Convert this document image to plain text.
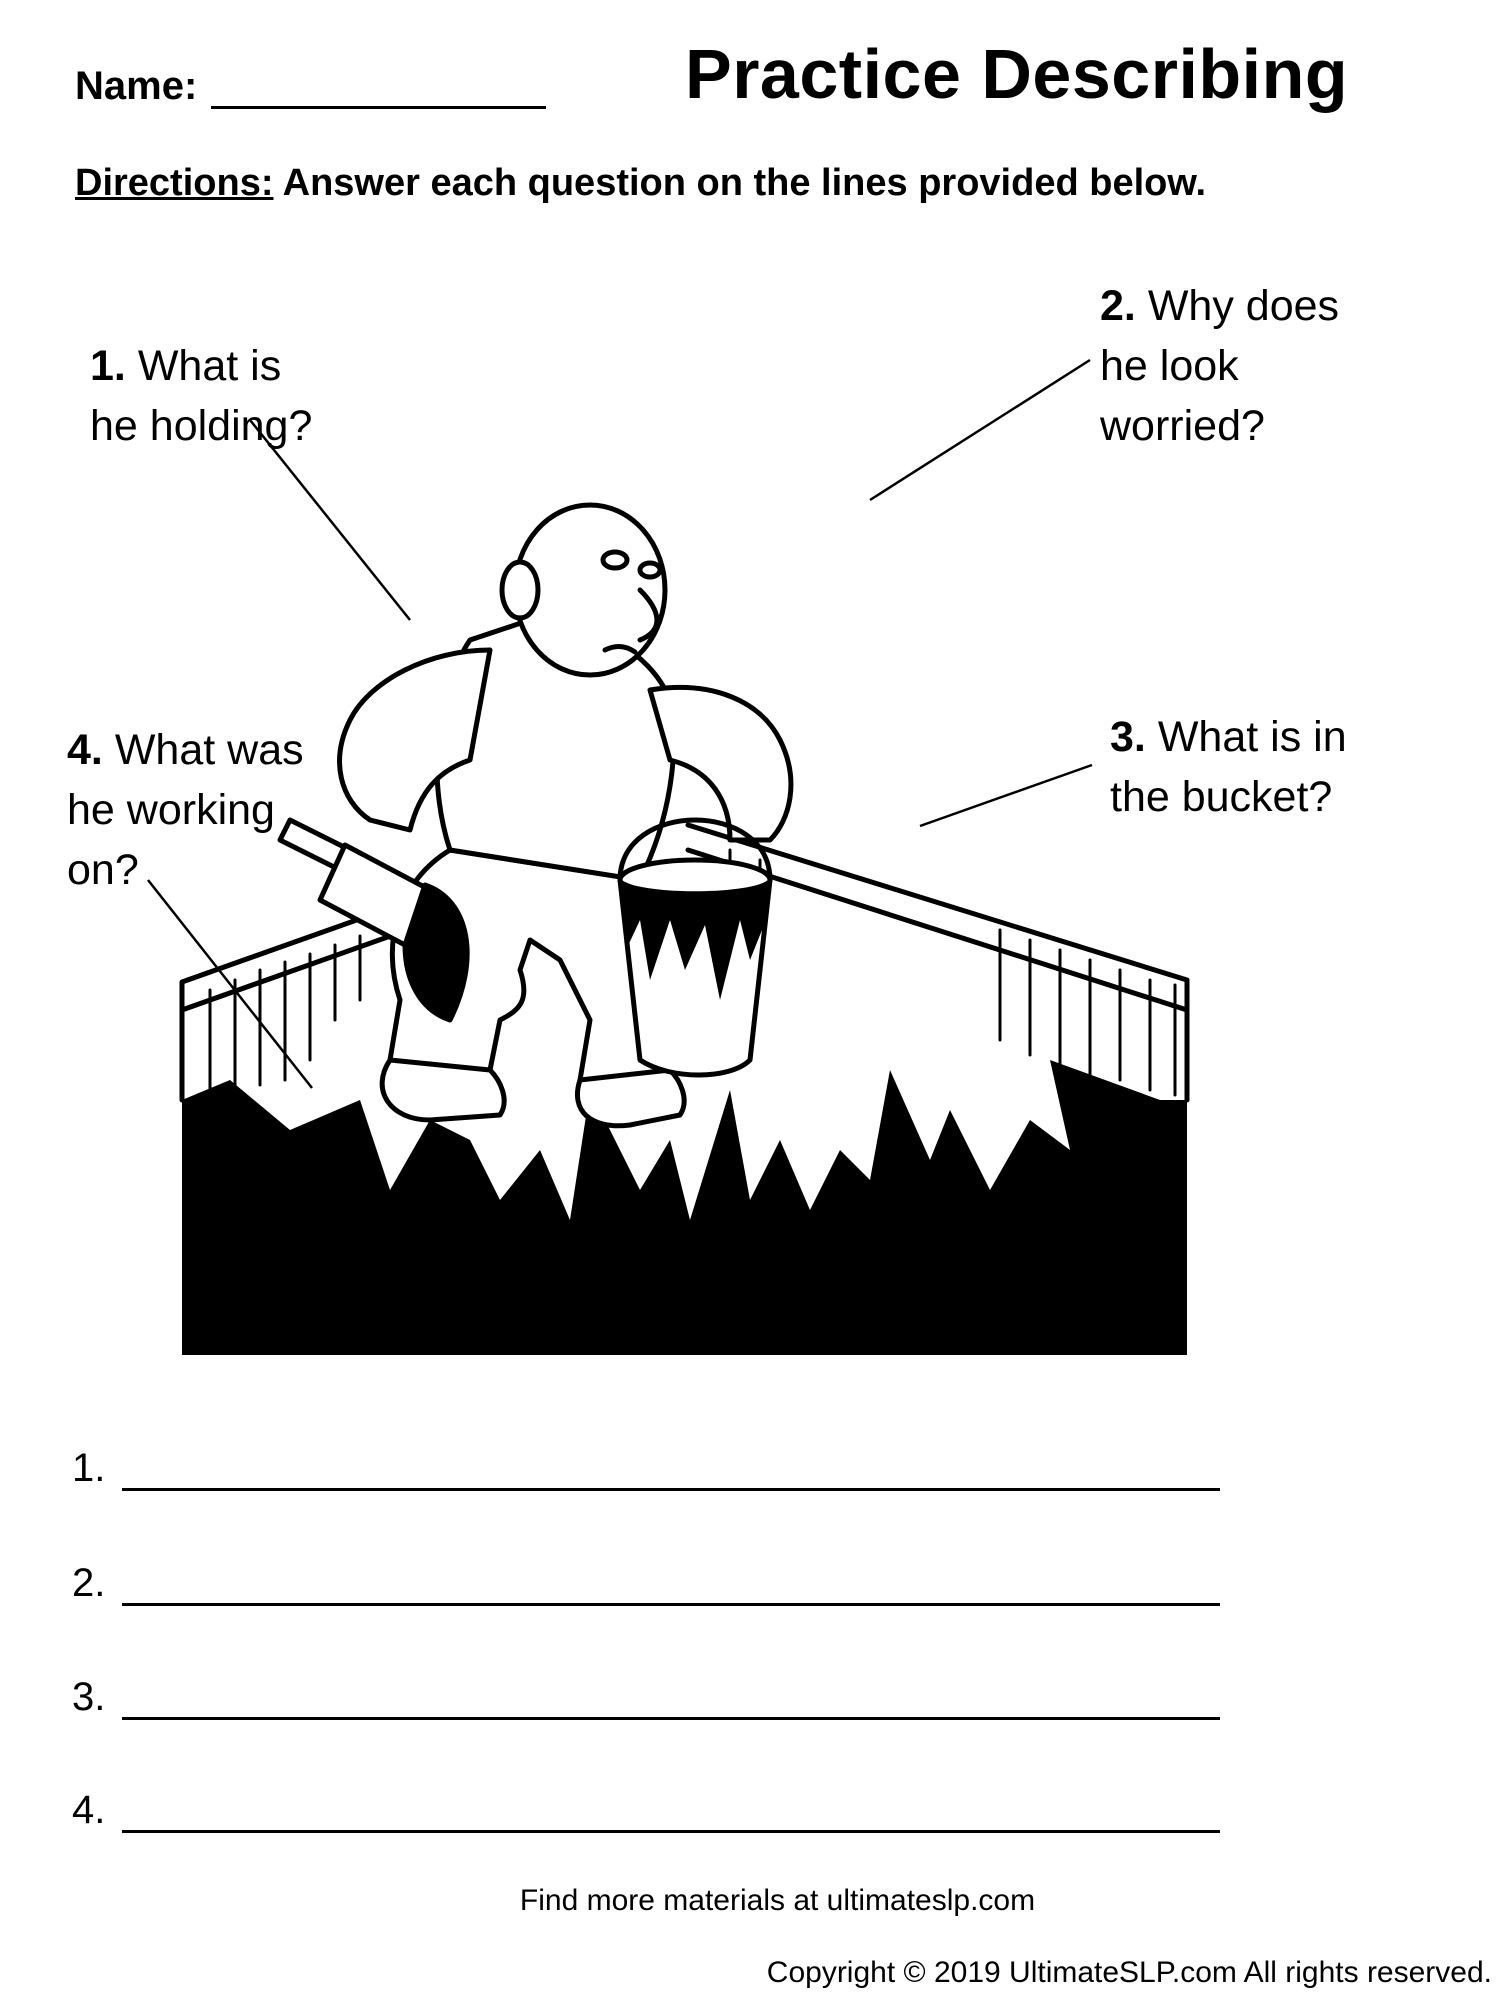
Name:	Practice Describing
Directions: Answer each question on the lines provided below.
1. What is
he holding?
2. Why does
he look
worried?
3. What is in
the bucket?
4. What was
he working
on?
1.
2.
3.
4.
Find more materials at ultimateslp.com
Copyright © 2019 UltimateSLP.com All rights reserved.
